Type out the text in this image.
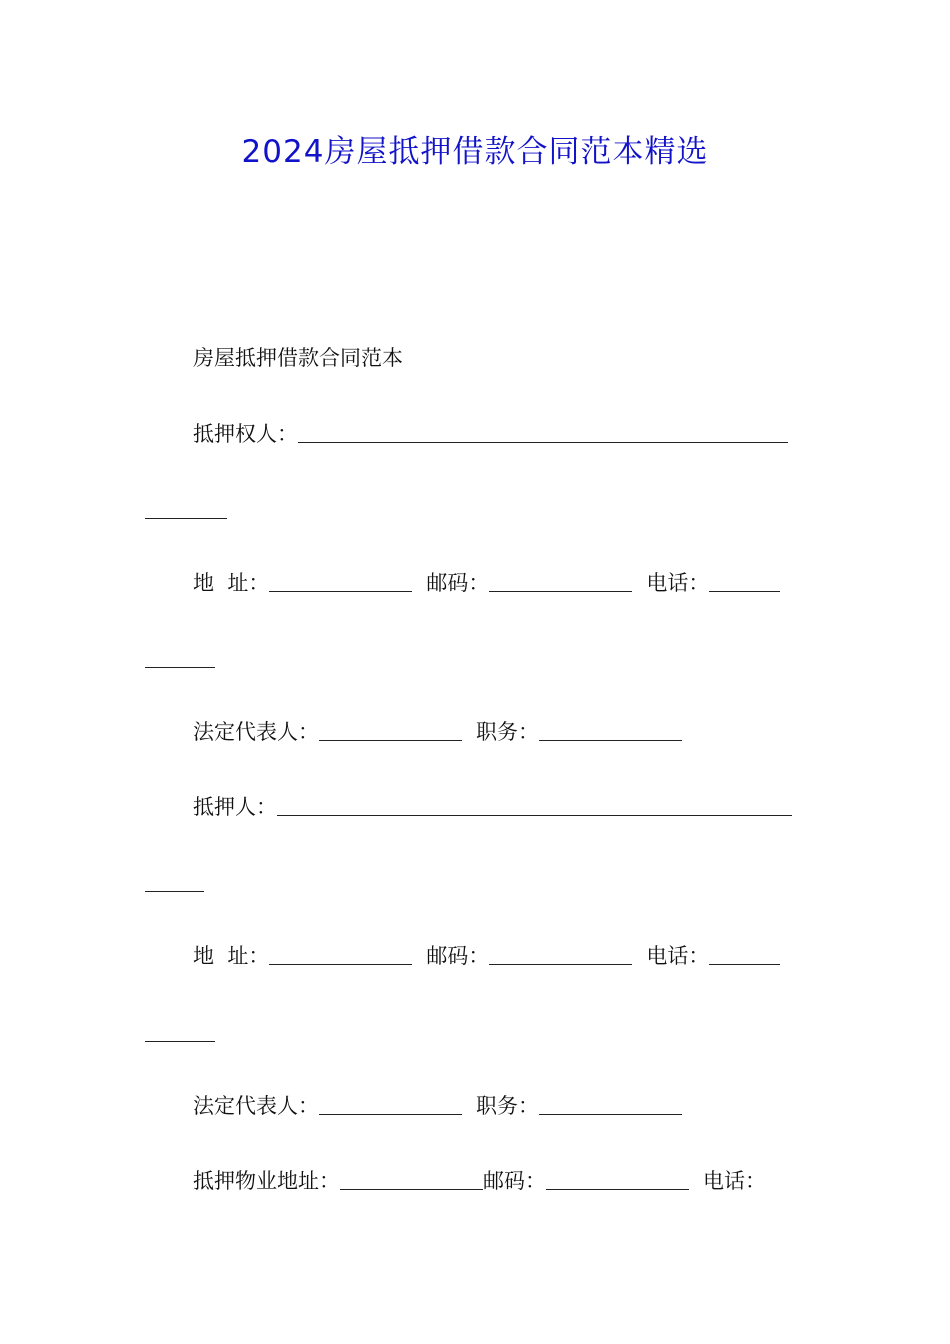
2024房屋抵押借款合同范本精选
房屋抵押借款合同范本
抵押权人：
地  址：	邮码：	电话：
法定代表人：	职务：
抵押人：
地  址：	邮码：	电话：
法定代表人：	职务：
抵押物业地址：	邮码：	电话：
